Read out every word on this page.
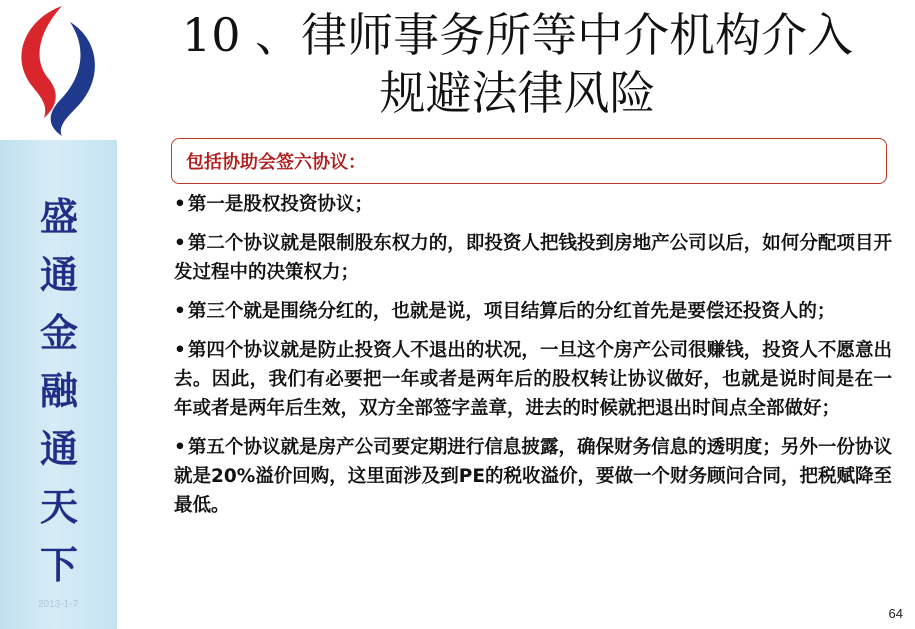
盛
通
金
融
通
天
下
2013-1-7
10 、律师事务所等中介机构介入
规避法律风险
包括协助会签六协议：
• 第一是股权投资协议；
• 第二个协议就是限制股东权力的，即投资人把钱投到房地产公司以后，如何分配项目开发过程中的决策权力；
• 第三个就是围绕分红的，也就是说，项目结算后的分红首先是要偿还投资人的；
• 第四个协议就是防止投资人不退出的状况，一旦这个房产公司很赚钱，投资人不愿意出去。因此，我们有必要把一年或者是两年后的股权转让协议做好，也就是说时间是在一年或者是两年后生效，双方全部签字盖章，进去的时候就把退出时间点全部做好；
• 第五个协议就是房产公司要定期进行信息披露，确保财务信息的透明度；另外一份协议就是20%溢价回购，这里面涉及到PE的税收溢价，要做一个财务顾问合同，把税赋降至最低。
64
